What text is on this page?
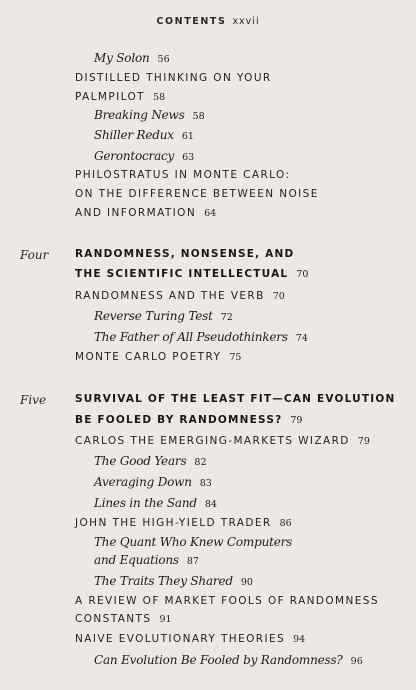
CONTENTS xxvii
My Solon 56
DISTILLED THINKING ON YOUR
PALMPILOT 58
Breaking News 58
Shiller Redux 61
Gerontocracy 63
PHILOSTRATUS IN MONTE CARLO:
ON THE DIFFERENCE BETWEEN NOISE
AND INFORMATION 64
Four	RANDOMNESS, NONSENSE, AND
THE SCIENTIFIC INTELLECTUAL 70
RANDOMNESS AND THE VERB 70
Reverse Turing Test 72
The Father of All Pseudothinkers 74
MONTE CARLO POETRY 75
Five	SURVIVAL OF THE LEAST FIT—CAN EVOLUTION
BE FOOLED BY RANDOMNESS? 79
CARLOS THE EMERGING-MARKETS WIZARD 79
The Good Years 82
Averaging Down 83
Lines in the Sand 84
JOHN THE HIGH-YIELD TRADER 86
The Quant Who Knew Computers
and Equations 87
The Traits They Shared 90
A REVIEW OF MARKET FOOLS OF RANDOMNESS
CONSTANTS 91
NAIVE EVOLUTIONARY THEORIES 94
Can Evolution Be Fooled by Randomness? 96
